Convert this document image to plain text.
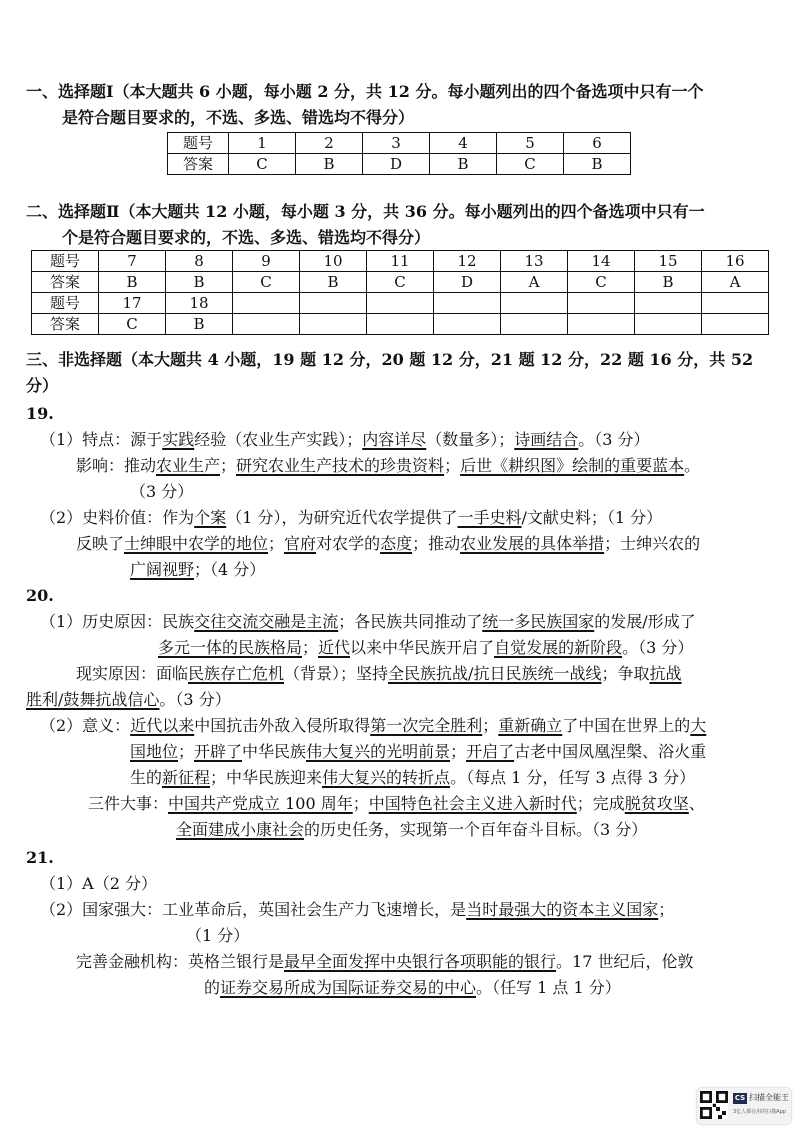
一、选择题Ⅰ（本大题共 6 小题，每小题 2 分，共 12 分。每小题列出的四个备选项中只有一个
是符合题目要求的，不选、多选、错选均不得分）
题号	1	2	3	4	5	6
答案	C	B	D	B	C	B
二、选择题Ⅱ（本大题共 12 小题，每小题 3 分，共 36 分。每小题列出的四个备选项中只有一
个是符合题目要求的，不选、多选、错选均不得分）
题号	7	8	9	10	11	12	13	14	15	16
答案	B	B	C	B	C	D	A	C	B	A
题号	17	18								
答案	C	B								
三、非选择题（本大题共 4 小题，19 题 12 分，20 题 12 分，21 题 12 分，22 题 16 分，共 52
分）
19.
（1）特点：源于实践经验（农业生产实践）；内容详尽（数量多）；诗画结合。（3 分）
影响：推动农业生产；研究农业生产技术的珍贵资料；后世《耕织图》绘制的重要蓝本。
（3 分）
（2）史料价值：作为个案（1 分），为研究近代农学提供了一手史料/文献史料；（1 分）
反映了士绅眼中农学的地位；官府对农学的态度；推动农业发展的具体举措；士绅兴农的
广阔视野；（4 分）
20.
（1）历史原因：民族交往交流交融是主流；各民族共同推动了统一多民族国家的发展/形成了
多元一体的民族格局；近代以来中华民族开启了自觉发展的新阶段。（3 分）
现实原因：面临民族存亡危机（背景）；坚持全民族抗战/抗日民族统一战线；争取抗战
胜利/鼓舞抗战信心。（3 分）
（2）意义：近代以来中国抗击外敌入侵所取得第一次完全胜利；重新确立了中国在世界上的大
国地位；开辟了中华民族伟大复兴的光明前景；开启了古老中国凤凰涅槃、浴火重
生的新征程；中华民族迎来伟大复兴的转折点。（每点 1 分，任写 3 点得 3 分）
三件大事：中国共产党成立 100 周年；中国特色社会主义进入新时代；完成脱贫攻坚、
全面建成小康社会的历史任务，实现第一个百年奋斗目标。（3 分）
21.
（1）A（2 分）
（2）国家强大：工业革命后，英国社会生产力飞速增长，是当时最强大的资本主义国家；
（1 分）
完善金融机构：英格兰银行是最早全面发挥中央银行各项职能的银行。17 世纪后，伦敦
的证券交易所成为国际证券交易的中心。（任写 1 点 1 分）
CS 扫描全能王
3亿人都在用的扫描App
